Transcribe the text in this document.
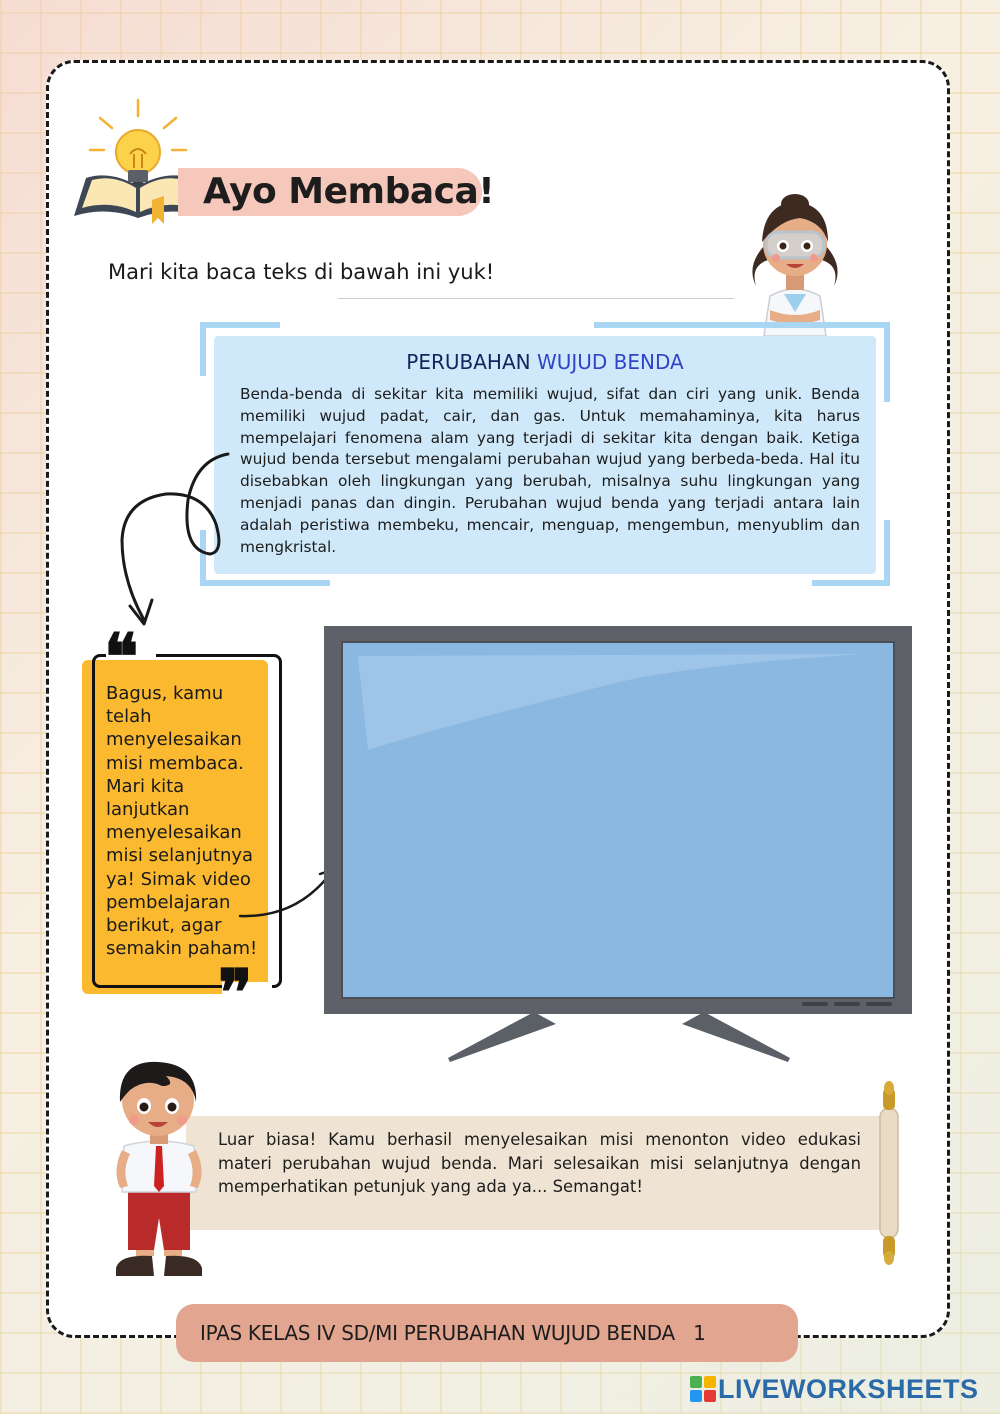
Ayo Membaca!
Mari kita baca teks di bawah ini yuk!
PERUBAHAN WUJUD BENDA

Benda-benda di sekitar kita memiliki wujud, sifat dan ciri yang unik. Benda memiliki wujud padat, cair, dan gas. Untuk memahaminya, kita harus mempelajari fenomena alam yang terjadi di sekitar kita dengan baik. Ketiga wujud benda tersebut mengalami perubahan wujud yang berbeda-beda. Hal itu disebabkan oleh lingkungan yang berubah, misalnya suhu lingkungan yang menjadi panas dan dingin. Perubahan wujud benda yang terjadi antara lain adalah peristiwa membeku, mencair, menguap, mengembun, menyublim dan mengkristal.

❝
❞

Bagus, kamu telah menyelesaikan misi membaca. Mari kita lanjutkan menyelesaikan misi selanjutnya ya! Simak video pembelajaran berikut, agar semakin paham!

Luar biasa! Kamu berhasil menyelesaikan misi menonton video edukasi materi perubahan wujud benda. Mari selesaikan misi selanjutnya dengan memperhatikan petunjuk yang ada ya... Semangat!

IPAS KELAS IV SD/MI PERUBAHAN WUJUD BENDA   1
LIVEWORKSHEETS
